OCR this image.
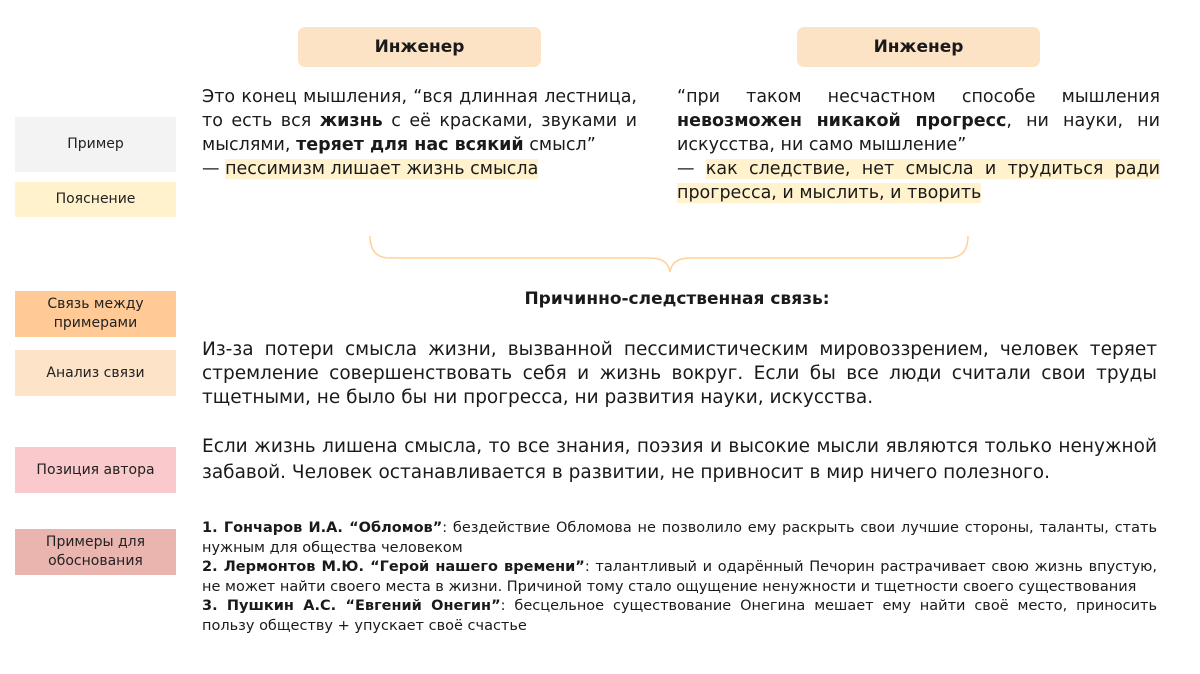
Пример
Пояснение
Связь между примерами
Анализ связи
Позиция автора
Примеры для обоснования
Инженер	Инженер
Это конец мышления, “вся длинная лестница, то есть вся жизнь с её красками, звуками и мыслями, теряет для нас всякий смысл”
— пессимизм лишает жизнь смысла
“при таком несчастном способе мышления невозможен никакой прогресс, ни науки, ни искусства, ни само мышление”
— как следствие, нет смысла и трудиться ради прогресса, и мыслить, и творить
Причинно-следственная связь:
Из-за потери смысла жизни, вызванной пессимистическим мировоззрением, человек теряет стремление совершенствовать себя и жизнь вокруг. Если бы все люди считали свои труды тщетными, не было бы ни прогресса, ни развития науки, искусства.
Если жизнь лишена смысла, то все знания, поэзия и высокие мысли являются только ненужной забавой. Человек останавливается в развитии, не привносит в мир ничего полезного.
1. Гончаров И.А. “Обломов”: бездействие Обломова не позволило ему раскрыть свои лучшие стороны, таланты, стать нужным для общества человеком
2. Лермонтов М.Ю. “Герой нашего времени”: талантливый и одарённый Печорин растрачивает свою жизнь впустую, не может найти своего места в жизни. Причиной тому стало ощущение ненужности и тщетности своего существования
3. Пушкин А.С. “Евгений Онегин”: бесцельное существование Онегина мешает ему найти своё место, приносить пользу обществу + упускает своё счастье
